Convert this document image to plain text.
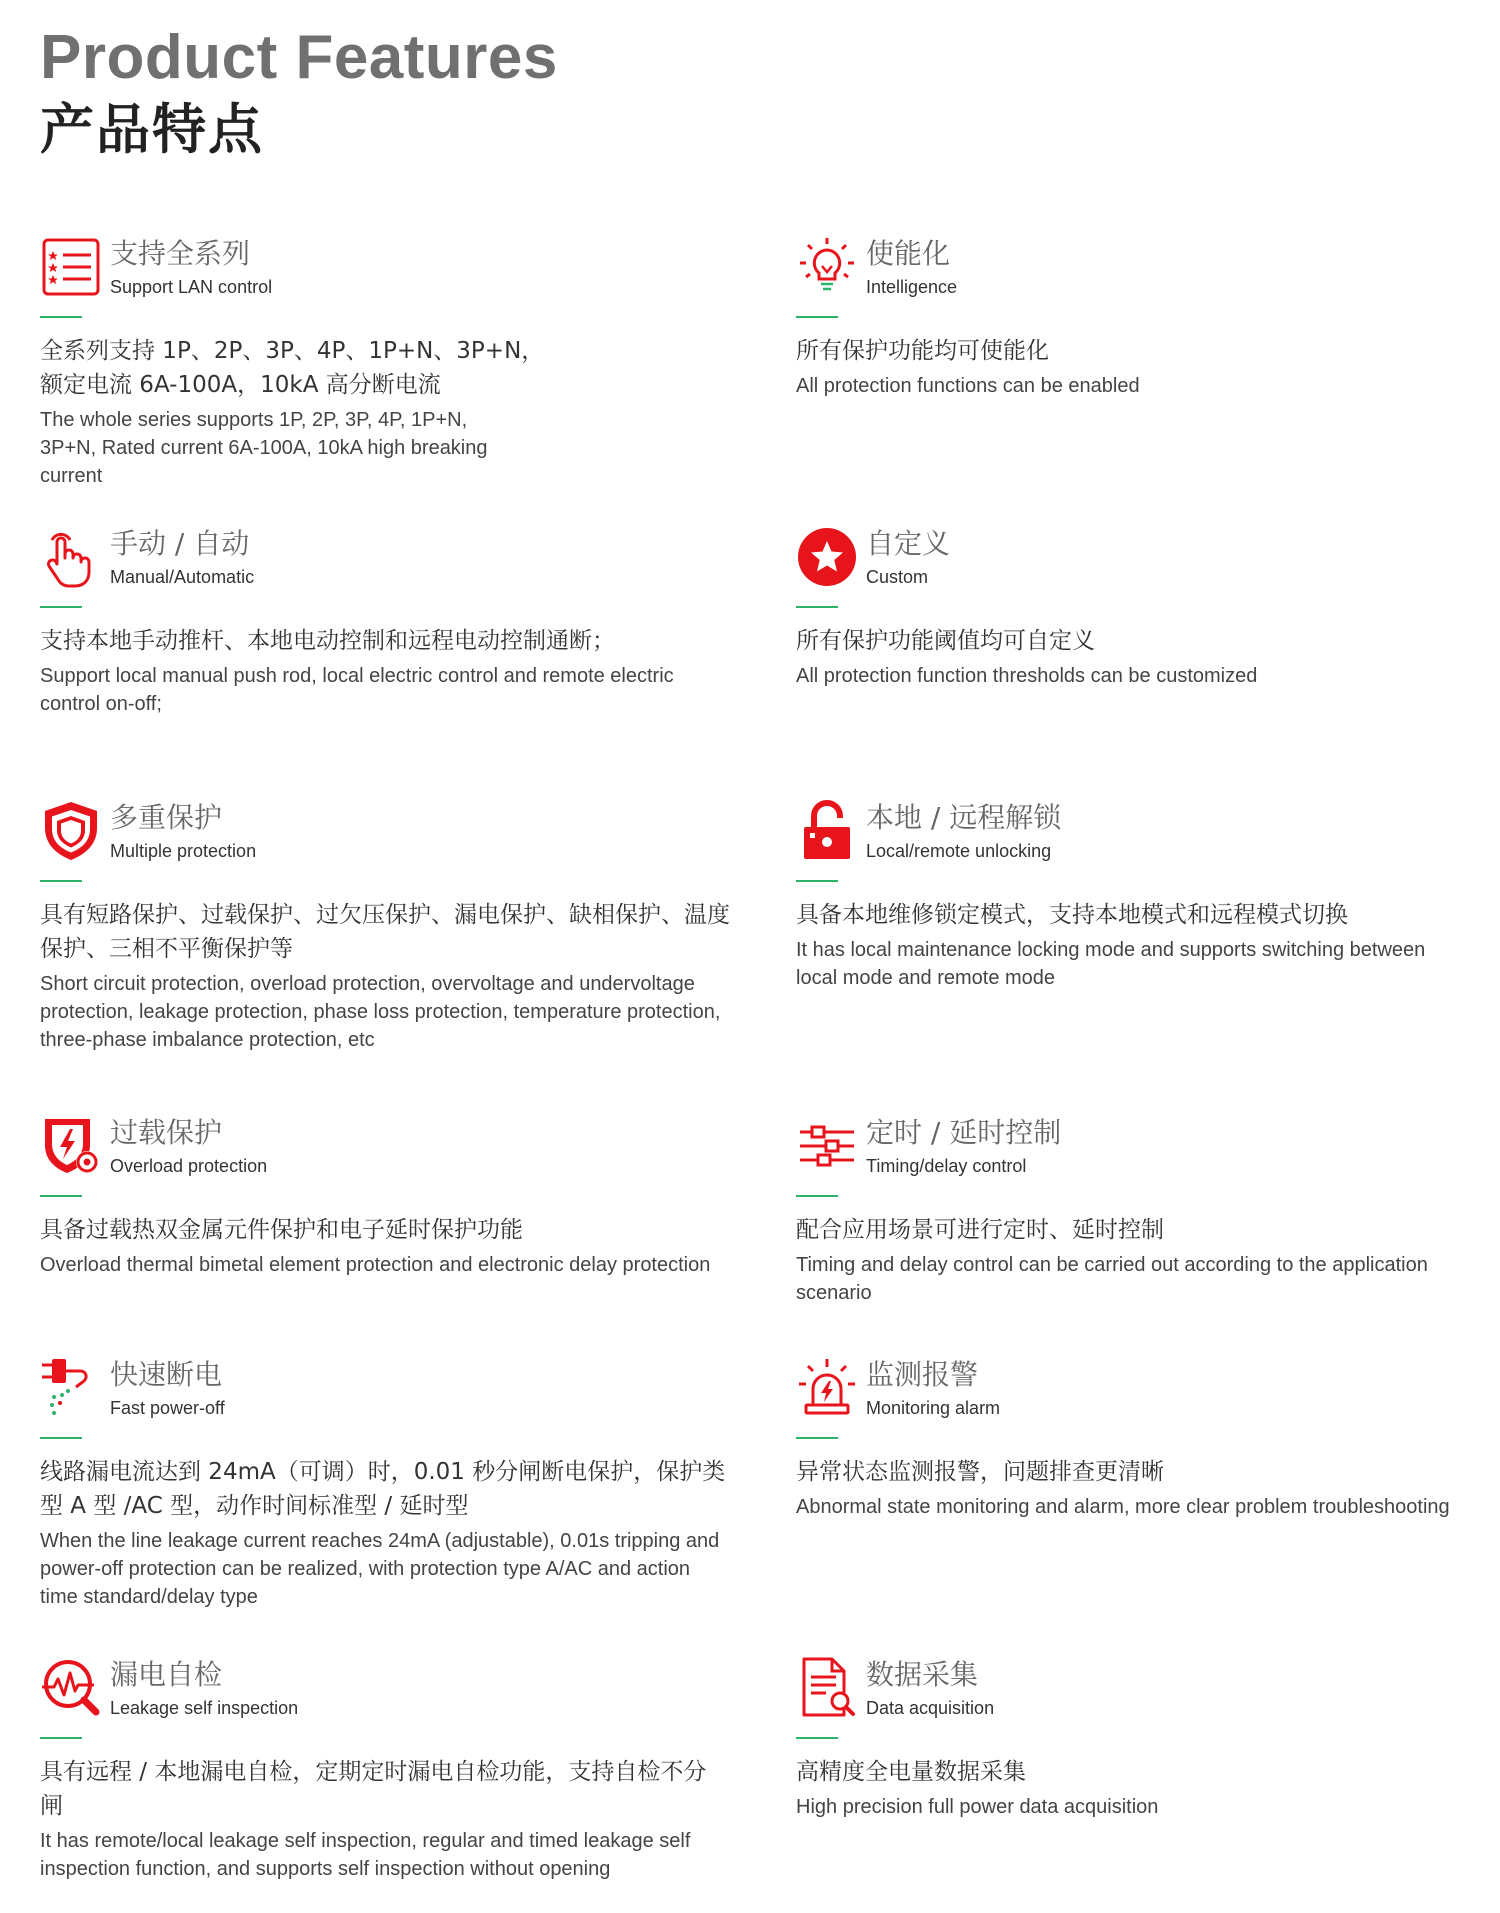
Product Features
产品特点
支持全系列
Support LAN control
全系列支持 1P、2P、3P、4P、1P+N、3P+N，额定电流 6A-100A，10kA 高分断电流
The whole series supports 1P, 2P, 3P, 4P, 1P+N, 3P+N, Rated current 6A-100A, 10kA high breaking current
使能化
Intelligence
所有保护功能均可使能化
All protection functions can be enabled
手动 / 自动
Manual/Automatic
支持本地手动推杆、本地电动控制和远程电动控制通断；
Support local manual push rod, local electric control and remote electric control on-off;
自定义
Custom
所有保护功能阈值均可自定义
All protection function thresholds can be customized
多重保护
Multiple protection
具有短路保护、过载保护、过欠压保护、漏电保护、缺相保护、温度保护、三相不平衡保护等
Short circuit protection, overload protection, overvoltage and undervoltage protection, leakage protection, phase loss protection, temperature protection, three-phase imbalance protection, etc
本地 / 远程解锁
Local/remote unlocking
具备本地维修锁定模式，支持本地模式和远程模式切换
It has local maintenance locking mode and supports switching between local mode and remote mode
过载保护
Overload protection
具备过载热双金属元件保护和电子延时保护功能
Overload thermal bimetal element protection and electronic delay protection
定时 / 延时控制
Timing/delay control
配合应用场景可进行定时、延时控制
Timing and delay control can be carried out according to the application scenario
快速断电
Fast power-off
线路漏电流达到 24mA（可调）时，0.01 秒分闸断电保护，保护类型 A 型 /AC 型，动作时间标准型 / 延时型
When the line leakage current reaches 24mA (adjustable), 0.01s tripping and power-off protection can be realized, with protection type A/AC and action time standard/delay type
监测报警
Monitoring alarm
异常状态监测报警，问题排查更清晰
Abnormal state monitoring and alarm, more clear problem troubleshooting
漏电自检
Leakage self inspection
具有远程 / 本地漏电自检，定期定时漏电自检功能，支持自检不分闸
It has remote/local leakage self inspection, regular and timed leakage self inspection function, and supports self inspection without opening
数据采集
Data acquisition
高精度全电量数据采集
High precision full power data acquisition
